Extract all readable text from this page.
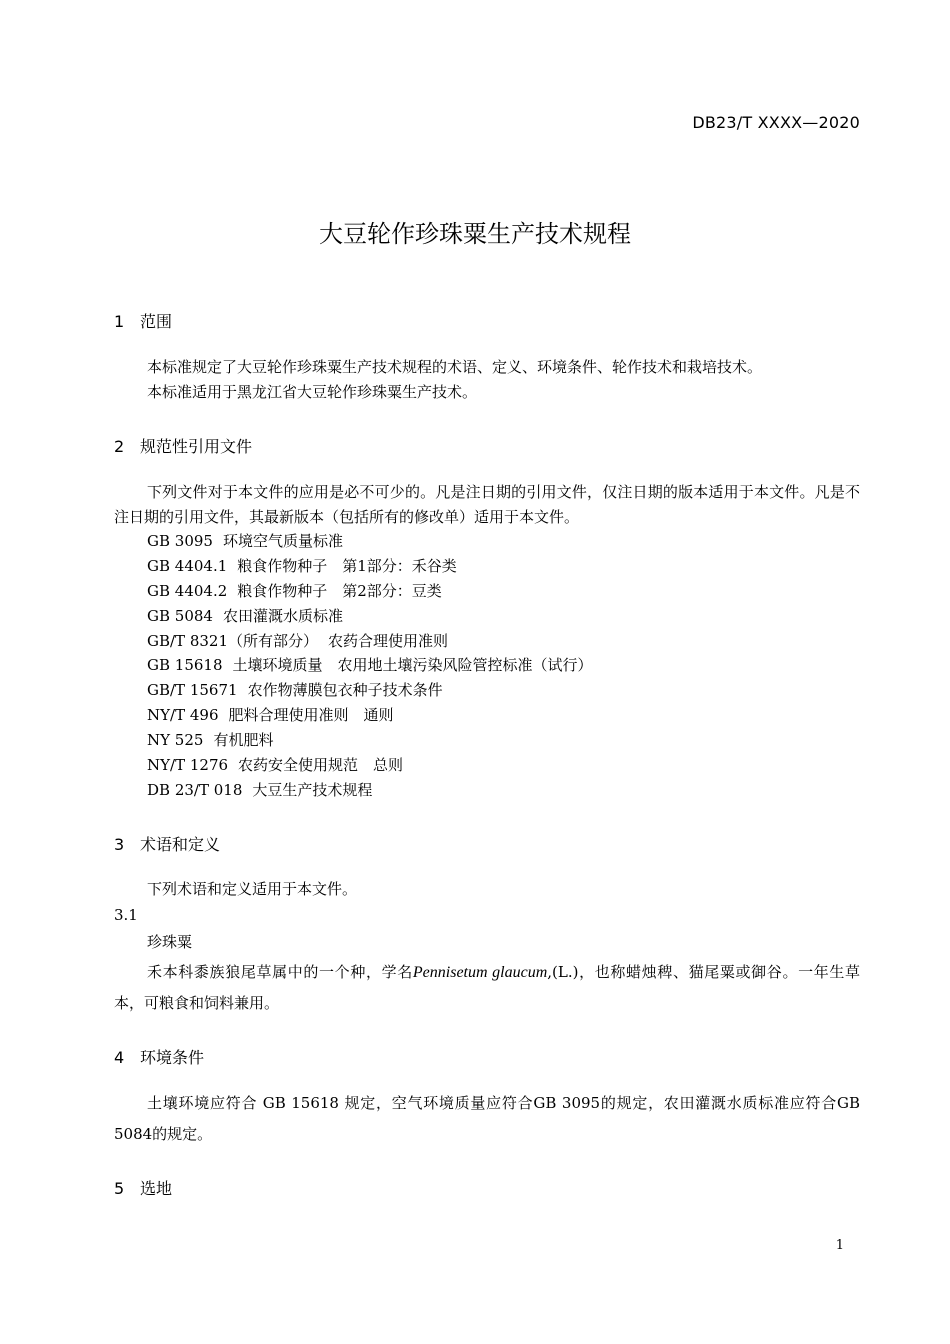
DB23/T XXXX—2020
大豆轮作珍珠粟生产技术规程
1 范围
本标准规定了大豆轮作珍珠粟生产技术规程的术语、定义、环境条件、轮作技术和栽培技术。
本标准适用于黑龙江省大豆轮作珍珠粟生产技术。
2 规范性引用文件
下列文件对于本文件的应用是必不可少的。凡是注日期的引用文件，仅注日期的版本适用于本文件。凡是不注日期的引用文件，其最新版本（包括所有的修改单）适用于本文件。
GB 3095 环境空气质量标准
GB 4404.1 粮食作物种子　第1部分：禾谷类
GB 4404.2 粮食作物种子　第2部分：豆类
GB 5084 农田灌溉水质标准
GB/T 8321（所有部分） 农药合理使用准则
GB 15618 土壤环境质量　农用地土壤污染风险管控标准（试行）
GB/T 15671 农作物薄膜包衣种子技术条件
NY/T 496 肥料合理使用准则　通则
NY 525 有机肥料
NY/T 1276 农药安全使用规范　总则
DB 23/T 018 大豆生产技术规程
3 术语和定义
下列术语和定义适用于本文件。
3.1
珍珠粟
禾本科黍族狼尾草属中的一个种，学名Pennisetum glaucum,(L.)，也称蜡烛稗、猫尾粟或御谷。一年生草本，可粮食和饲料兼用。
4 环境条件
土壤环境应符合 GB 15618 规定，空气环境质量应符合GB 3095的规定，农田灌溉水质标准应符合GB 5084的规定。
5 选地
1
